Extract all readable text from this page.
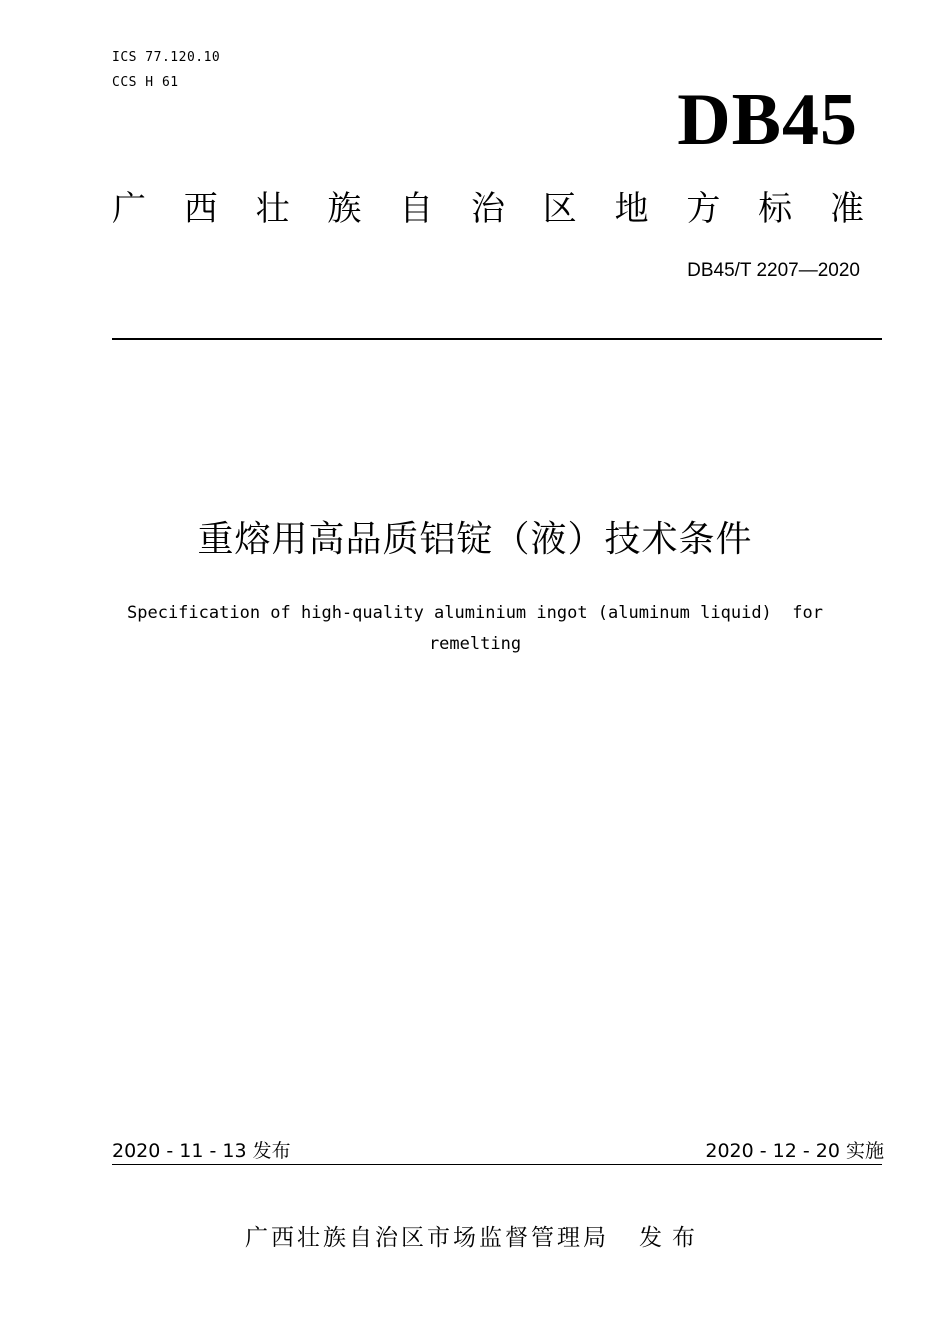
ICS 77.120.10
CCS H 61	DB45
广 西 壮 族 自 治 区 地 方 标 准
DB45/T 2207—2020
重熔用高品质铝锭（液）技术条件
Specification of high-quality aluminium ingot (aluminum liquid)  for
remelting
2020 - 11 - 13 发布	2020 - 12 - 20 实施
广西壮族自治区市场监督管理局 发布
